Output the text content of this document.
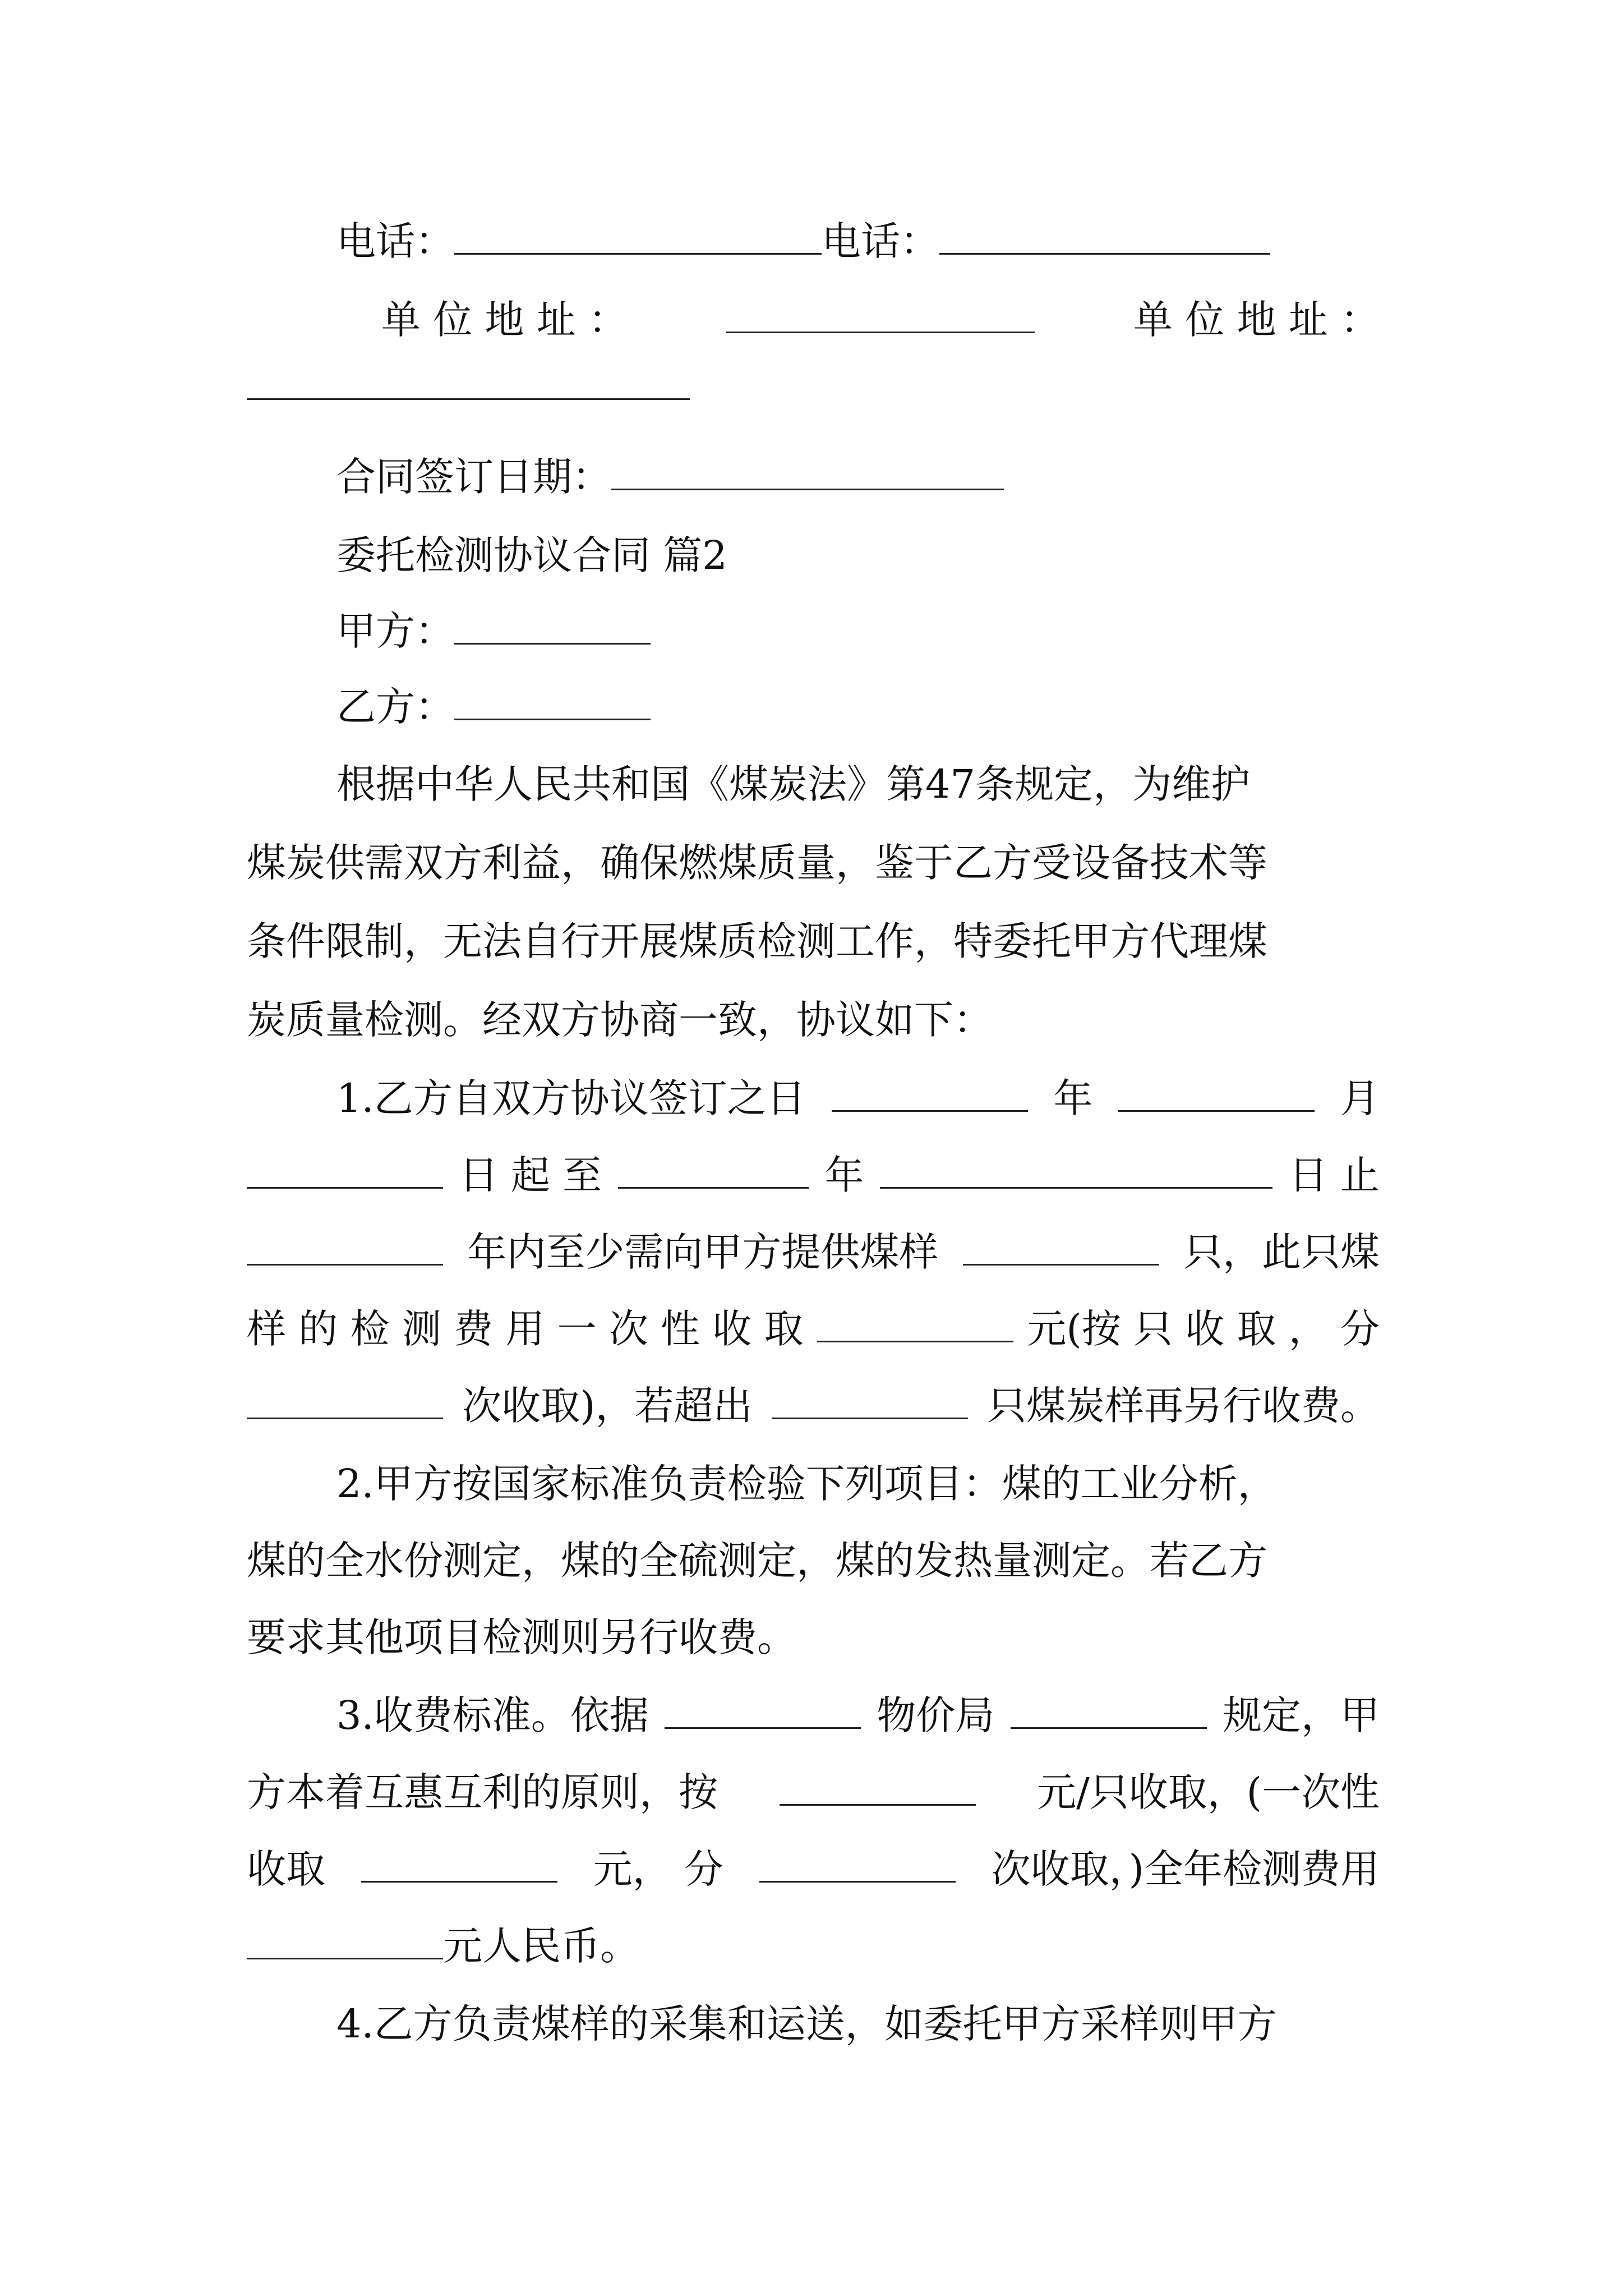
电话：	电话：
单 位 地 址 ：	单 位 地 址 ：
合同签订日期：
委托检测协议合同 篇2
甲方：
乙方：
根据中华人民共和国《煤炭法》第47条规定，为维护
煤炭供需双方利益，确保燃煤质量，鉴于乙方受设备技术等
条件限制，无法自行开展煤质检测工作，特委托甲方代理煤
炭质量检测。经双方协商一致，协议如下：
1.乙方自双方协议签订之日	年	月
日 起 至	年	日 止
年内至少需向甲方提供煤样	只，此只煤
样 的 检 测 费 用 一 次 性 收 取	元(按 只 收 取 ， 分
次收取)，若超出	只煤炭样再另行收费。
2.甲方按国家标准负责检验下列项目：煤的工业分析，
煤的全水份测定，煤的全硫测定，煤的发热量测定。若乙方
要求其他项目检测则另行收费。
3.收费标准。依据	物价局	规定，甲
方本着互惠互利的原则，按	元/只收取，(一次性
收取	元， 分	次收取，)全年检测费用
元人民币。
4.乙方负责煤样的采集和运送，如委托甲方采样则甲方
